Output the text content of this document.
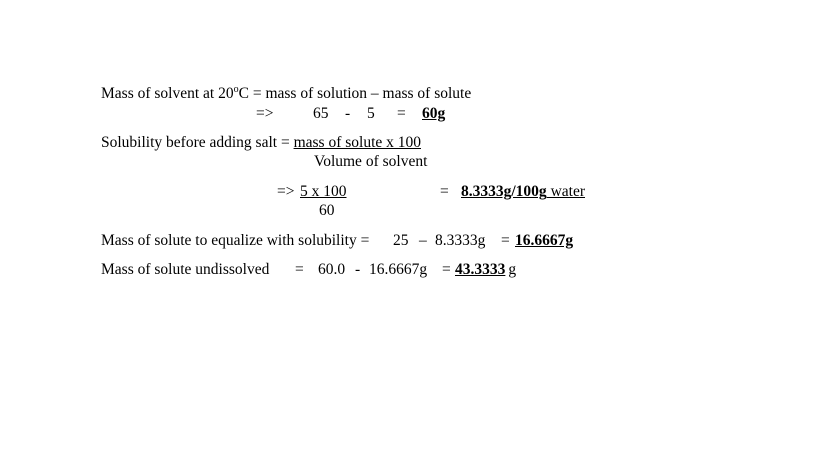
Mass of solvent at $20^oC$ = mass of solution – mass of solute
=>	65 - 5 = 60g
Solubility before adding salt = mass of solute x 100
Volume of solvent
=> 5 x 100
60
= 8.3333g/100g water
Mass of solute to equalize with solubility = 25 – 8.3333g = 16.6667g
Mass of solute undissolved = 60.0 - 16.6667g = 43.3333 g
